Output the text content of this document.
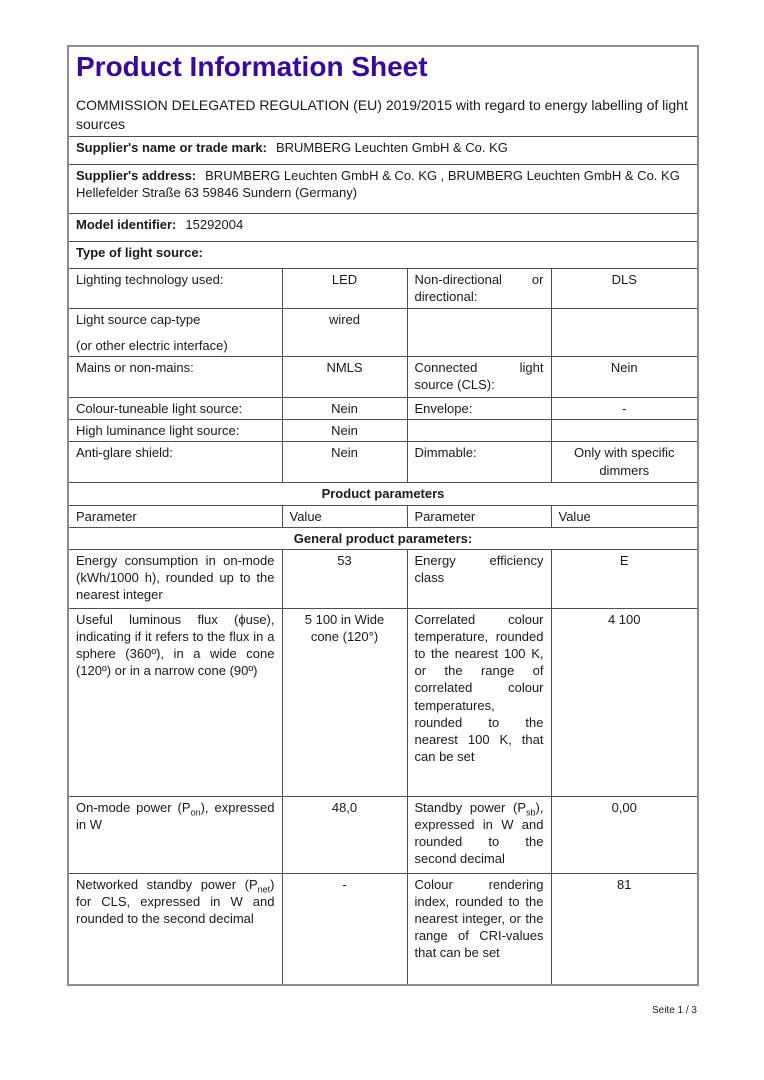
Product Information Sheet

COMMISSION DELEGATED REGULATION (EU) 2019/2015 with regard to energy labelling of light sources

Supplier's name or trade mark: BRUMBERG Leuchten GmbH & Co. KG			
Supplier's address: BRUMBERG Leuchten GmbH & Co. KG , BRUMBERG Leuchten GmbH & Co. KG Hellefelder Straße 63 59846 Sundern (Germany)			
Model identifier: 15292004			
Type of light source:			
Lighting technology used:	LED	Non-directional or directional:	DLS

Light source cap-type
(or other electric interface)	wired		
Mains or non-mains:	NMLS	Connected light source (CLS):	Nein
Colour-tuneable light source:	Nein	Envelope:	-
High luminance light source:	Nein		
Anti-glare shield:	Nein	Dimmable:	Only with specific dimmers
Product parameters			
Parameter	Value	Parameter	Value
General product parameters:			
Energy consumption in on-mode (kWh/1000 h), rounded up to the nearest integer	53	Energy efficiency class	E
Useful luminous flux (ϕuse), indicating if it refers to the flux in a sphere (360º), in a wide cone (120º) or in a narrow cone (90º)	5 100 in Wide cone (120°)	Correlated colour temperature, rounded to the nearest 100 K, or the range of correlated colour temperatures, rounded to the nearest 100 K, that can be set	4 100
On-mode power $(P_{on})$, expressed in W	48,0	Standby power $(P_{sb})$, expressed in W and rounded to the second decimal	0,00
Networked standby power $(P_{net})$ for CLS, expressed in W and rounded to the second decimal	-	Colour rendering index, rounded to the nearest integer, or the range of CRI-values that can be set	81
Seite 1 / 3
